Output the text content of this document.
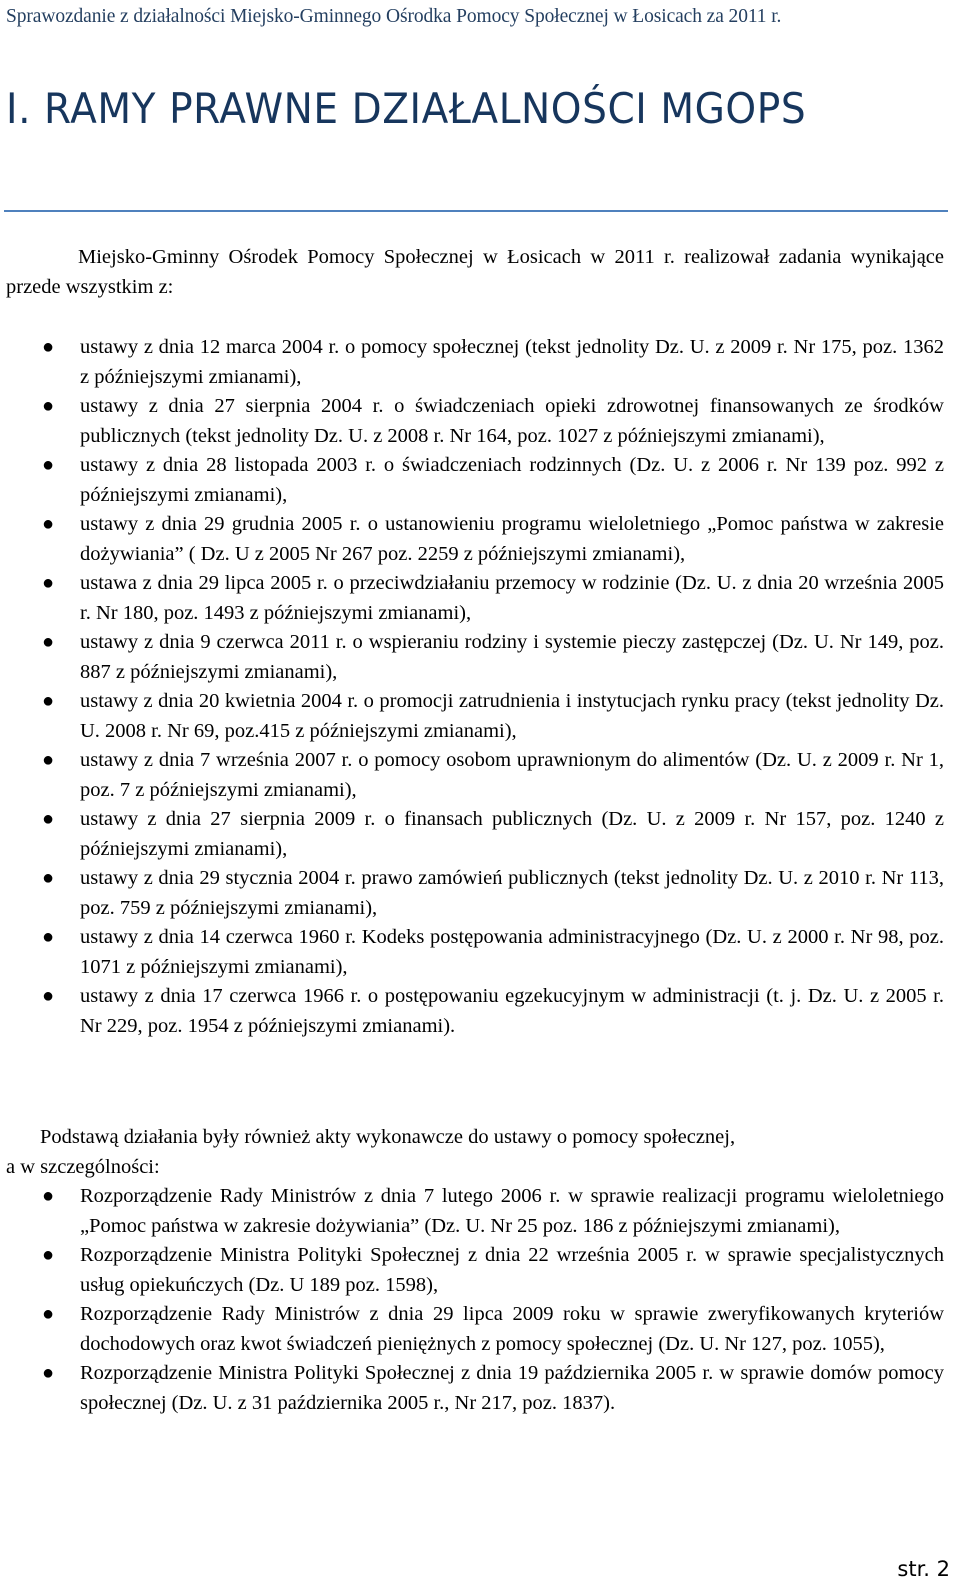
Sprawozdanie z działalności Miejsko-Gminnego Ośrodka Pomocy Społecznej w Łosicach za 2011 r.
I. RAMY PRAWNE DZIAŁALNOŚCI MGOPS

Miejsko-Gminny Ośrodek Pomocy Społecznej w Łosicach w 2011 r. realizował zadania wynikające przede wszystkim z:

● ustawy z dnia 12 marca 2004 r. o pomocy społecznej (tekst jednolity Dz. U. z 2009 r. Nr 175, poz. 1362 z późniejszymi zmianami),
● ustawy z dnia 27 sierpnia 2004 r. o świadczeniach opieki zdrowotnej finansowanych ze środków publicznych (tekst jednolity Dz. U. z 2008 r. Nr 164, poz. 1027 z późniejszymi zmianami),
● ustawy z dnia 28 listopada 2003 r. o świadczeniach rodzinnych (Dz. U. z 2006 r. Nr 139 poz. 992 z późniejszymi zmianami),
● ustawy z dnia 29 grudnia 2005 r. o ustanowieniu programu wieloletniego „Pomoc państwa w zakresie dożywiania” ( Dz. U z 2005 Nr 267 poz. 2259 z późniejszymi zmianami),
● ustawa z dnia 29 lipca 2005 r. o przeciwdziałaniu przemocy w rodzinie (Dz. U. z dnia 20 września 2005 r. Nr 180, poz. 1493 z późniejszymi zmianami),
● ustawy z dnia 9 czerwca 2011 r. o wspieraniu rodziny i systemie pieczy zastępczej (Dz. U. Nr 149, poz. 887 z późniejszymi zmianami),
● ustawy z dnia 20 kwietnia 2004 r. o promocji zatrudnienia i instytucjach rynku pracy (tekst jednolity Dz. U. 2008 r. Nr 69, poz.415 z późniejszymi zmianami),
● ustawy z dnia 7 września 2007 r. o pomocy osobom uprawnionym do alimentów (Dz. U. z 2009 r. Nr 1, poz. 7 z późniejszymi zmianami),
● ustawy z dnia 27 sierpnia 2009 r. o finansach publicznych (Dz. U. z 2009 r. Nr 157, poz. 1240 z późniejszymi zmianami),
● ustawy z dnia 29 stycznia 2004 r. prawo zamówień publicznych (tekst jednolity Dz. U. z 2010 r. Nr 113, poz. 759 z późniejszymi zmianami),
● ustawy z dnia 14 czerwca 1960 r. Kodeks postępowania administracyjnego (Dz. U. z 2000 r. Nr 98, poz. 1071 z późniejszymi zmianami),
● ustawy z dnia 17 czerwca 1966 r. o postępowaniu egzekucyjnym w administracji (t. j. Dz. U. z 2005 r. Nr 229, poz. 1954 z późniejszymi zmianami).

Podstawą działania były również akty wykonawcze do ustawy o pomocy społecznej,
a w szczególności:

● Rozporządzenie Rady Ministrów z dnia 7 lutego 2006 r. w sprawie realizacji programu wieloletniego „Pomoc państwa w zakresie dożywiania” (Dz. U. Nr 25 poz. 186 z późniejszymi zmianami),
● Rozporządzenie Ministra Polityki Społecznej z dnia 22 września 2005 r. w sprawie specjalistycznych usług opiekuńczych (Dz. U 189 poz. 1598),
● Rozporządzenie Rady Ministrów z dnia 29 lipca 2009 roku w sprawie zweryfikowanych kryteriów dochodowych oraz kwot świadczeń pieniężnych z pomocy społecznej (Dz. U. Nr 127, poz. 1055),
● Rozporządzenie Ministra Polityki Społecznej z dnia 19 października 2005 r. w sprawie domów pomocy społecznej (Dz. U. z 31 października 2005 r., Nr 217, poz. 1837).
str. 2
